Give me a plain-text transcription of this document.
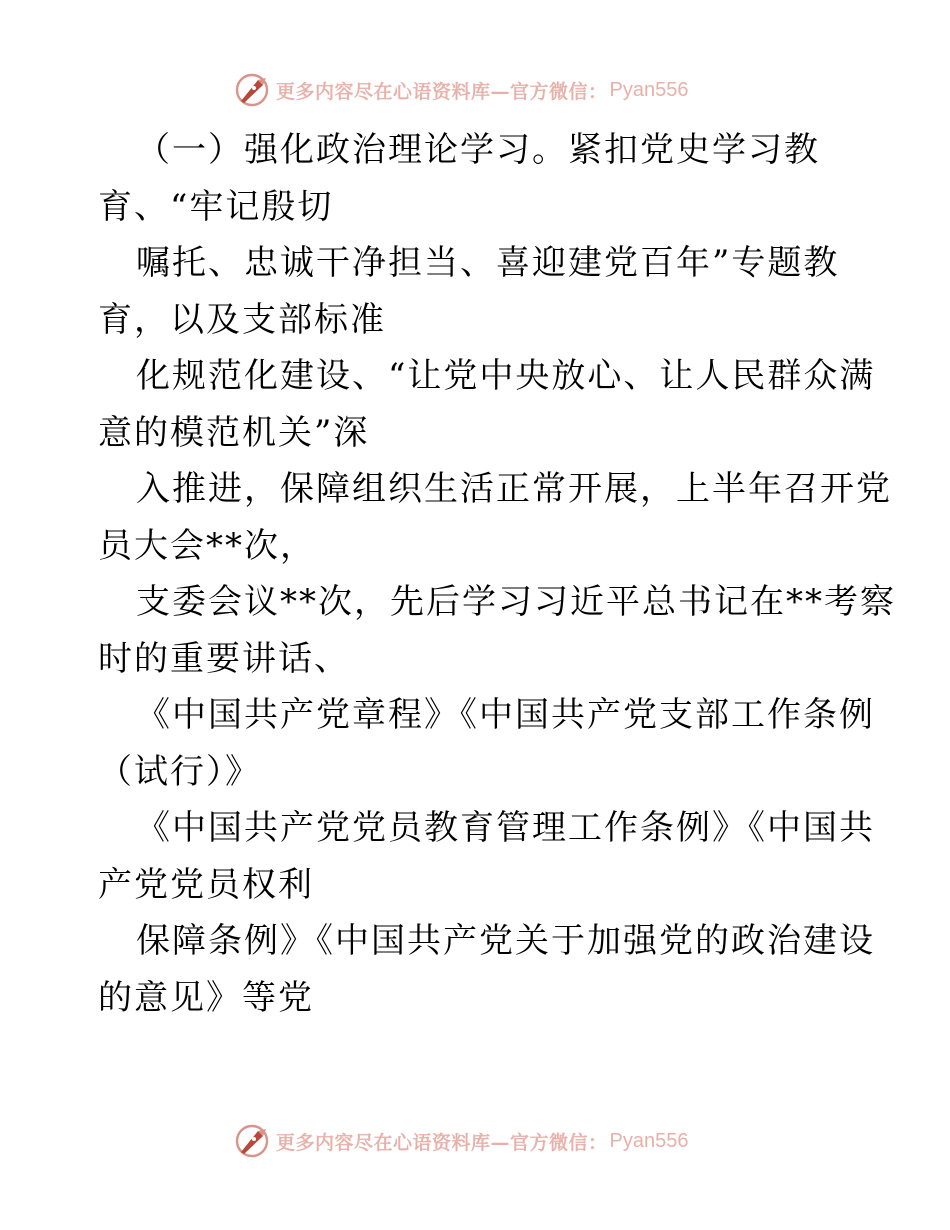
更多内容尽在心语资料库—官方微信： Pyan556
（一）强化政治理论学习。紧扣党史学习教
育、“牢记殷切
嘱托、忠诚干净担当、喜迎建党百年”专题教
育，以及支部标准
化规范化建设、“让党中央放心、让人民群众满
意的模范机关”深
入推进，保障组织生活正常开展，上半年召开党
员大会**次，
支委会议**次，先后学习习近平总书记在**考察
时的重要讲话、
《中国共产党章程》《中国共产党支部工作条例
（试行）》
《中国共产党党员教育管理工作条例》《中国共
产党党员权利
保障条例》《中国共产党关于加强党的政治建设
的意见》等党
更多内容尽在心语资料库—官方微信： Pyan556
